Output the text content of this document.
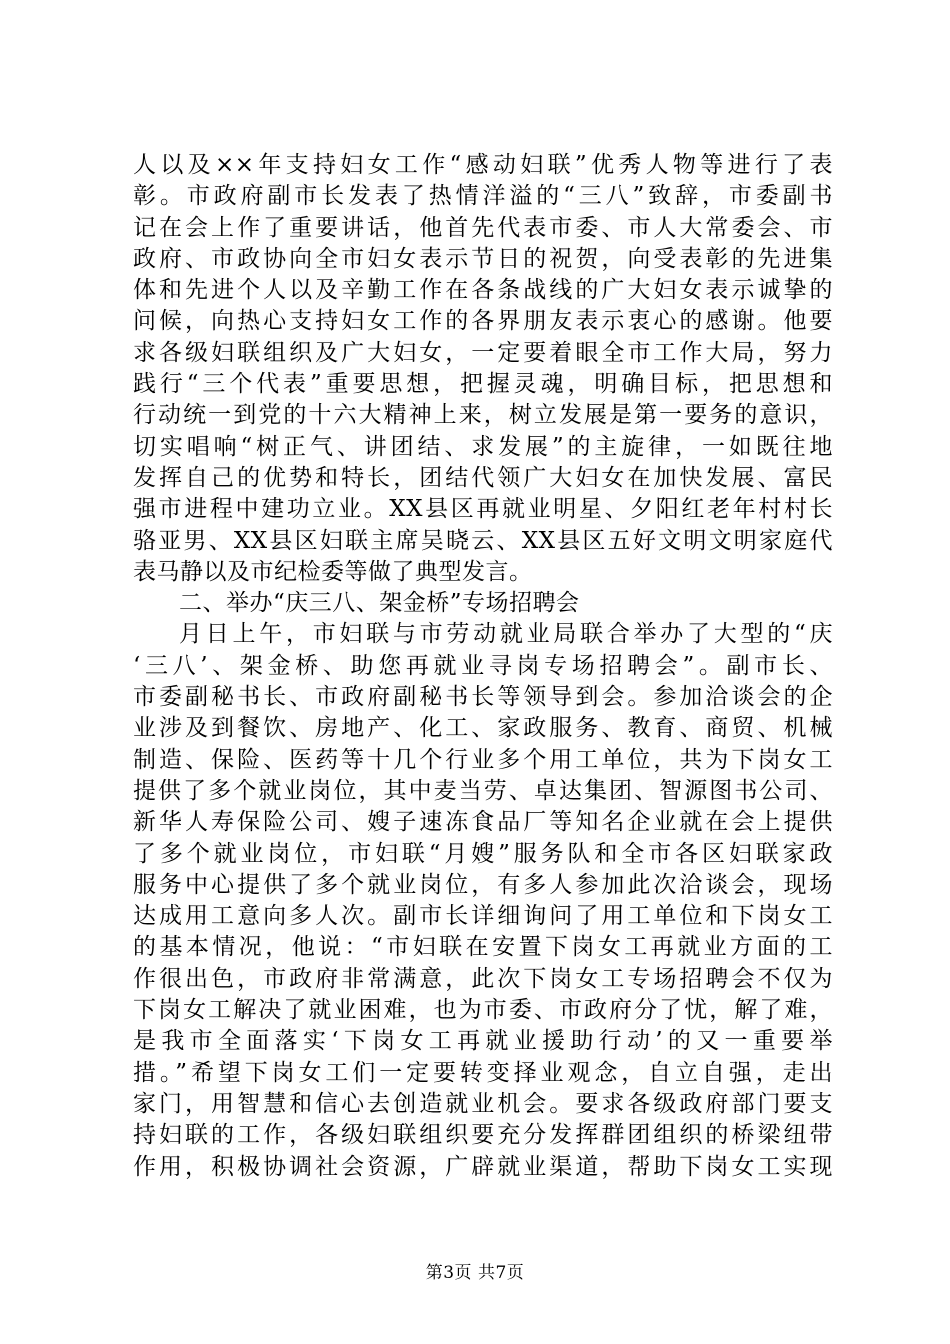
人以及××年支持妇女工作“感动妇联”优秀人物等进行了表
彰。市政府副市长发表了热情洋溢的“三八”致辞，市委副书
记在会上作了重要讲话，他首先代表市委、市人大常委会、市
政府、市政协向全市妇女表示节日的祝贺，向受表彰的先进集
体和先进个人以及辛勤工作在各条战线的广大妇女表示诚挚的
问候，向热心支持妇女工作的各界朋友表示衷心的感谢。他要
求各级妇联组织及广大妇女，一定要着眼全市工作大局，努力
践行“三个代表”重要思想，把握灵魂，明确目标，把思想和
行动统一到党的十六大精神上来，树立发展是第一要务的意识，
切实唱响“树正气、讲团结、求发展”的主旋律，一如既往地
发挥自己的优势和特长，团结代领广大妇女在加快发展、富民
强市进程中建功立业。XX县区再就业明星、夕阳红老年村村长
骆亚男、XX县区妇联主席吴晓云、XX县区五好文明文明家庭代
表马静以及市纪检委等做了典型发言。
二、举办“庆三八、架金桥”专场招聘会
月日上午，市妇联与市劳动就业局联合举办了大型的“庆
‘三八’、架金桥、助您再就业寻岗专场招聘会”。副市长、
市委副秘书长、市政府副秘书长等领导到会。参加洽谈会的企
业涉及到餐饮、房地产、化工、家政服务、教育、商贸、机械
制造、保险、医药等十几个行业多个用工单位，共为下岗女工
提供了多个就业岗位，其中麦当劳、卓达集团、智源图书公司、
新华人寿保险公司、嫂子速冻食品厂等知名企业就在会上提供
了多个就业岗位，市妇联“月嫂”服务队和全市各区妇联家政
服务中心提供了多个就业岗位，有多人参加此次洽谈会，现场
达成用工意向多人次。副市长详细询问了用工单位和下岗女工
的基本情况，他说：“市妇联在安置下岗女工再就业方面的工
作很出色，市政府非常满意，此次下岗女工专场招聘会不仅为
下岗女工解决了就业困难，也为市委、市政府分了忧，解了难，
是我市全面落实‘下岗女工再就业援助行动’的又一重要举
措。”希望下岗女工们一定要转变择业观念，自立自强，走出
家门，用智慧和信心去创造就业机会。要求各级政府部门要支
持妇联的工作，各级妇联组织要充分发挥群团组织的桥梁纽带
作用，积极协调社会资源，广辟就业渠道，帮助下岗女工实现
第3页 共7页
